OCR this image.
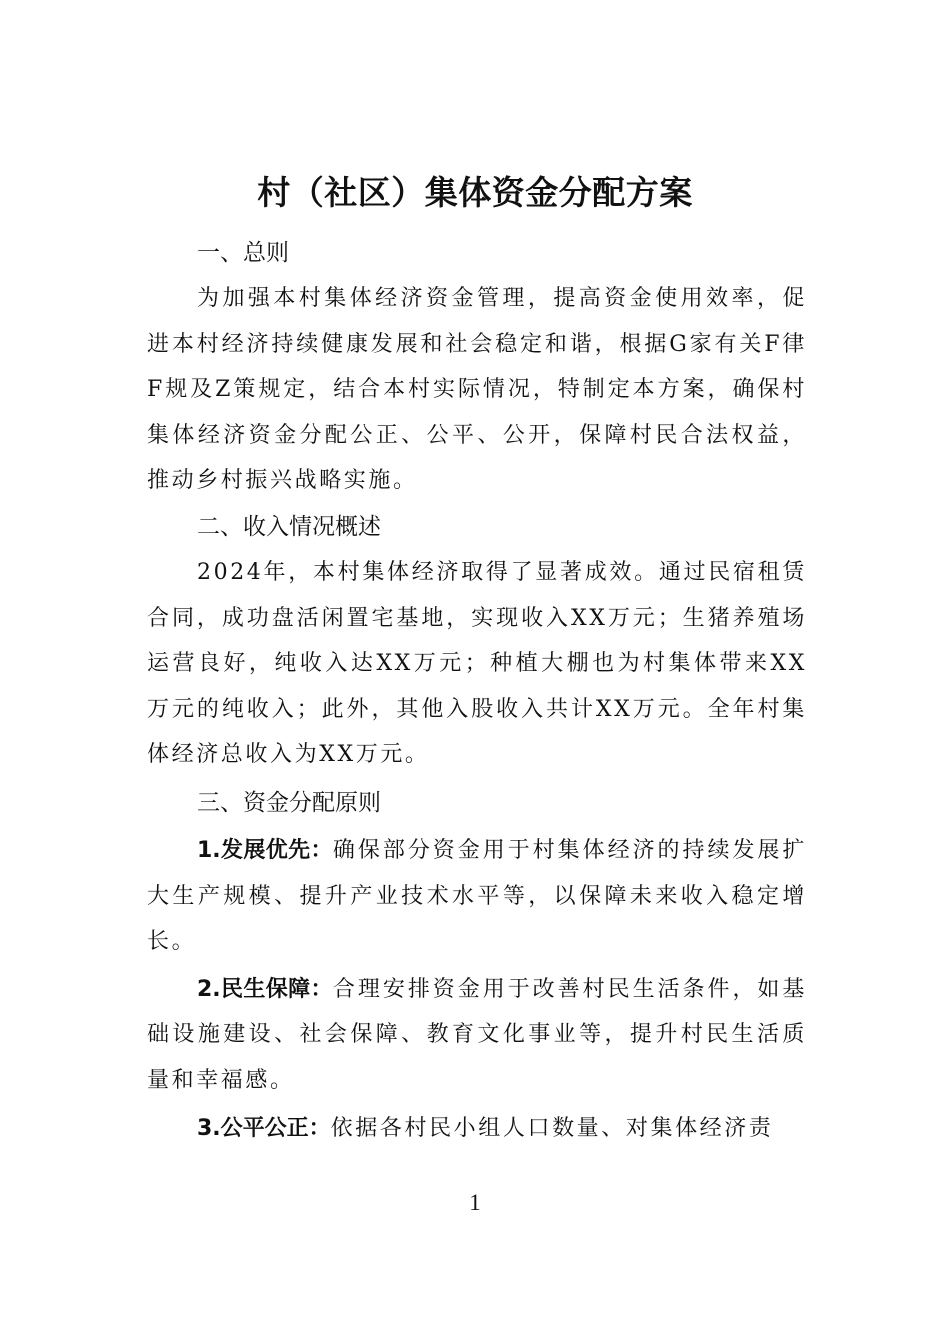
村（社区）集体资金分配方案
一、总则

为加强本村集体经济资金管理，提高资金使用效率，促进本村经济持续健康发展和社会稳定和谐，根据G家有关F律F规及Z策规定，结合本村实际情况，特制定本方案，确保村集体经济资金分配公正、公平、公开，保障村民合法权益，推动乡村振兴战略实施。

二、收入情况概述

2024年，本村集体经济取得了显著成效。通过民宿租赁合同，成功盘活闲置宅基地，实现收入XX万元；生猪养殖场运营良好，纯收入达XX万元；种植大棚也为村集体带来XX万元的纯收入；此外，其他入股收入共计XX万元。全年村集体经济总收入为XX万元。

三、资金分配原则

1.发展优先：确保部分资金用于村集体经济的持续发展扩大生产规模、提升产业技术水平等，以保障未来收入稳定增长。

2.民生保障：合理安排资金用于改善村民生活条件，如基础设施建设、社会保障、教育文化事业等，提升村民生活质量和幸福感。

3.公平公正：依据各村民小组人口数量、对集体经济责

1
